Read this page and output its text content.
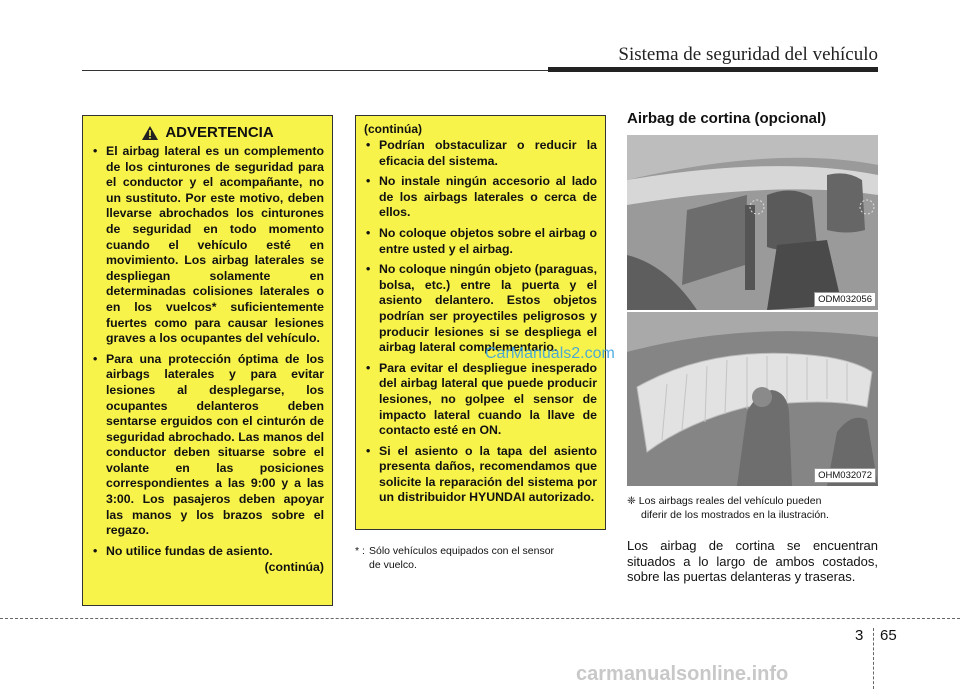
Sistema de seguridad del vehículo
ADVERTENCIA
• El airbag lateral es un complemento de los cinturones de seguridad para el conductor y el acompañante, no un sustituto. Por este motivo, deben llevarse abrochados los cinturones de seguridad en todo momento cuando el vehículo esté en movimiento. Los airbag laterales se despliegan solamente en determinadas colisiones laterales o en los vuelcos* suficientemente fuertes como para causar lesiones graves a los ocupantes del vehículo.
• Para una protección óptima de los airbags laterales y para evitar lesiones al desplegarse, los ocupantes delanteros deben sentarse erguidos con el cinturón de seguridad abrochado. Las manos del conductor deben situarse sobre el volante en las posiciones correspondientes a las 9:00 y a las 3:00. Los pasajeros deben apoyar las manos y los brazos sobre el regazo.
• No utilice fundas de asiento.
(continúa)
(continúa)
• Podrían obstaculizar o reducir la eficacia del sistema.
• No instale ningún accesorio al lado de los airbags laterales o cerca de ellos.
• No coloque objetos sobre el airbag o entre usted y el airbag.
• No coloque ningún objeto (paraguas, bolsa, etc.) entre la puerta y el asiento delantero. Estos objetos podrían ser proyectiles peligrosos y producir lesiones si se despliega el airbag lateral complementario.
• Para evitar el despliegue inesperado del airbag lateral que puede producir lesiones, no golpee el sensor de impacto lateral cuando la llave de contacto esté en ON.
• Si el asiento o la tapa del asiento presenta daños, recomendamos que solicite la reparación del sistema por un distribuidor HYUNDAI autorizado.
* : Sólo vehículos equipados con el sensor
de vuelco.
CarManuals2.com
Airbag de cortina (opcional)
ODM032056
OHM032072
❈ Los airbags reales del vehículo pueden
diferir de los mostrados en la ilustración.
Los airbag de cortina se encuentran situados a lo largo de ambos costados, sobre las puertas delanteras y traseras.
3 65
carmanualsonline.info
